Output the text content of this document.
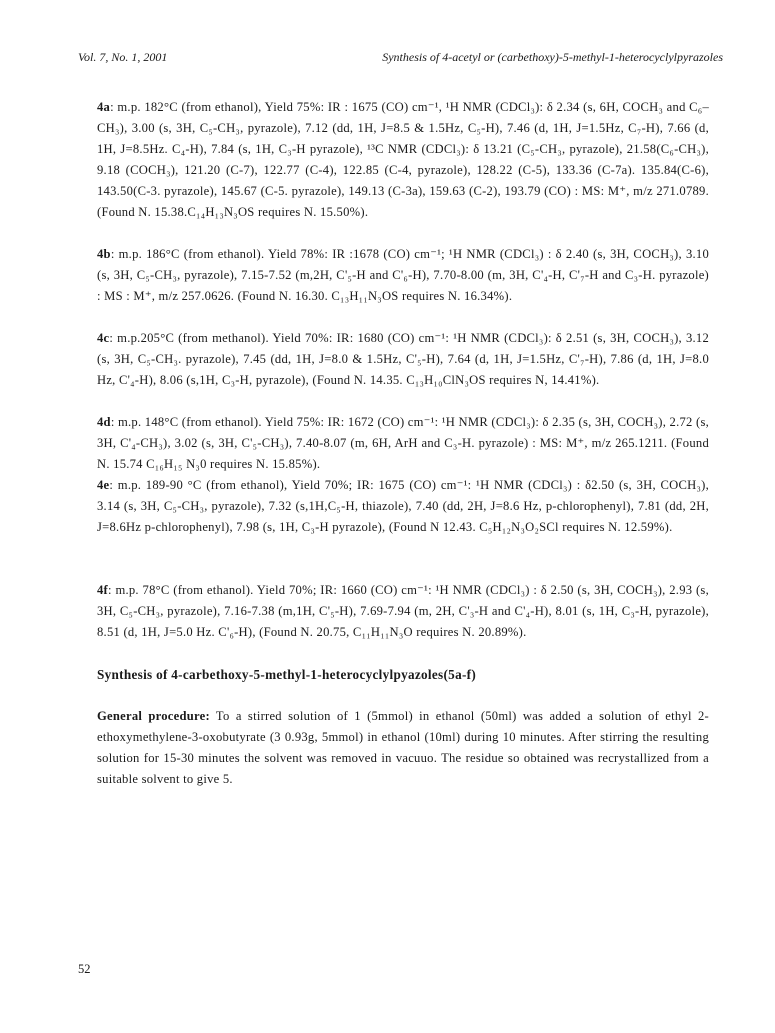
Vol. 7, No. 1, 2001	Synthesis of 4-acetyl or (carbethoxy)-5-methyl-1-heterocyclylpyrazoles

4a: m.p. 182°C (from ethanol), Yield 75%: IR : 1675 (CO) cm⁻¹, ¹H NMR (CDCl₃): δ 2.34 (s, 6H, COCH₃ and C₆–CH₃), 3.00 (s, 3H, C₅-CH₃, pyrazole), 7.12 (dd, 1H, J=8.5 & 1.5Hz, C₅-H), 7.46 (d, 1H, J=1.5Hz, C₇-H), 7.66 (d, 1H, J=8.5Hz. C₄-H), 7.84 (s, 1H, C₃-H pyrazole), ¹³C NMR (CDCl₃): δ 13.21 (C₅-CH₃, pyrazole), 21.58(C₆-CH₃), 9.18 (COCH₃), 121.20 (C-7), 122.77 (C-4), 122.85 (C-4, pyrazole), 128.22 (C-5), 133.36 (C-7a). 135.84(C-6), 143.50(C-3. pyrazole), 145.67 (C-5. pyrazole), 149.13 (C-3a), 159.63 (C-2), 193.79 (CO) : MS: M⁺, m/z 271.0789. (Found N. 15.38.C₁₄H₁₃N₃OS requires N. 15.50%).

4b: m.p. 186°C (from ethanol). Yield 78%: IR :1678 (CO) cm⁻¹; ¹H NMR (CDCl₃) : δ 2.40 (s, 3H, COCH₃), 3.10 (s, 3H, C₅-CH₃, pyrazole), 7.15-7.52 (m,2H, C'₅-H and C'₆-H), 7.70-8.00 (m, 3H, C'₄-H, C'₇-H and C₃-H. pyrazole) : MS : M⁺, m/z 257.0626. (Found N. 16.30. C₁₃H₁₁N₃OS requires N. 16.34%).

4c: m.p.205°C (from methanol). Yield 70%: IR: 1680 (CO) cm⁻¹: ¹H NMR (CDCl₃): δ 2.51 (s, 3H, COCH₃), 3.12 (s, 3H, C₅-CH₃. pyrazole), 7.45 (dd, 1H, J=8.0 & 1.5Hz, C'₅-H), 7.64 (d, 1H, J=1.5Hz, C'₇-H), 7.86 (d, 1H, J=8.0 Hz, C'₄-H), 8.06 (s,1H, C₃-H, pyrazole), (Found N. 14.35. C₁₃H₁₀ClN₃OS requires N, 14.41%).

4d: m.p. 148°C (from ethanol). Yield 75%: IR: 1672 (CO) cm⁻¹: ¹H NMR (CDCl₃): δ 2.35 (s, 3H, COCH₃), 2.72 (s, 3H, C'₄-CH₃), 3.02 (s, 3H, C'₅-CH₃), 7.40-8.07 (m, 6H, ArH and C₃-H. pyrazole) : MS: M⁺, m/z 265.1211. (Found N. 15.74 C₁₆H₁₅ N₃0 requires N. 15.85%).

4e: m.p. 189-90 °C (from ethanol), Yield 70%; IR: 1675 (CO) cm⁻¹: ¹H NMR (CDCl₃) : δ2.50 (s, 3H, COCH₃), 3.14 (s, 3H, C₅-CH₃, pyrazole), 7.32 (s,1H,C₅-H, thiazole), 7.40 (dd, 2H, J=8.6 Hz, p-chlorophenyl), 7.81 (dd, 2H, J=8.6Hz p-chlorophenyl), 7.98 (s, 1H, C₃-H pyrazole), (Found N 12.43. C₅H₁₂N₃O₂SCl requires N. 12.59%).

4f: m.p. 78°C (from ethanol). Yield 70%; IR: 1660 (CO) cm⁻¹: ¹H NMR (CDCl₃) : δ 2.50 (s, 3H, COCH₃), 2.93 (s, 3H, C₅-CH₃, pyrazole), 7.16-7.38 (m,1H, C'₅-H), 7.69-7.94 (m, 2H, C'₃-H and C'₄-H), 8.01 (s, 1H, C₃-H, pyrazole), 8.51 (d, 1H, J=5.0 Hz. C'₆-H), (Found N. 20.75, C₁₁H₁₁N₃O requires N. 20.89%).

Synthesis of 4-carbethoxy-5-methyl-1-heterocyclylpyazoles(5a-f)

General procedure: To a stirred solution of 1 (5mmol) in ethanol (50ml) was added a solution of ethyl 2-ethoxymethylene-3-oxobutyrate (3 0.93g, 5mmol) in ethanol (10ml) during 10 minutes. After stirring the resulting solution for 15-30 minutes the solvent was removed in vacuuo. The residue so obtained was recrystallized from a suitable solvent to give 5.

52
